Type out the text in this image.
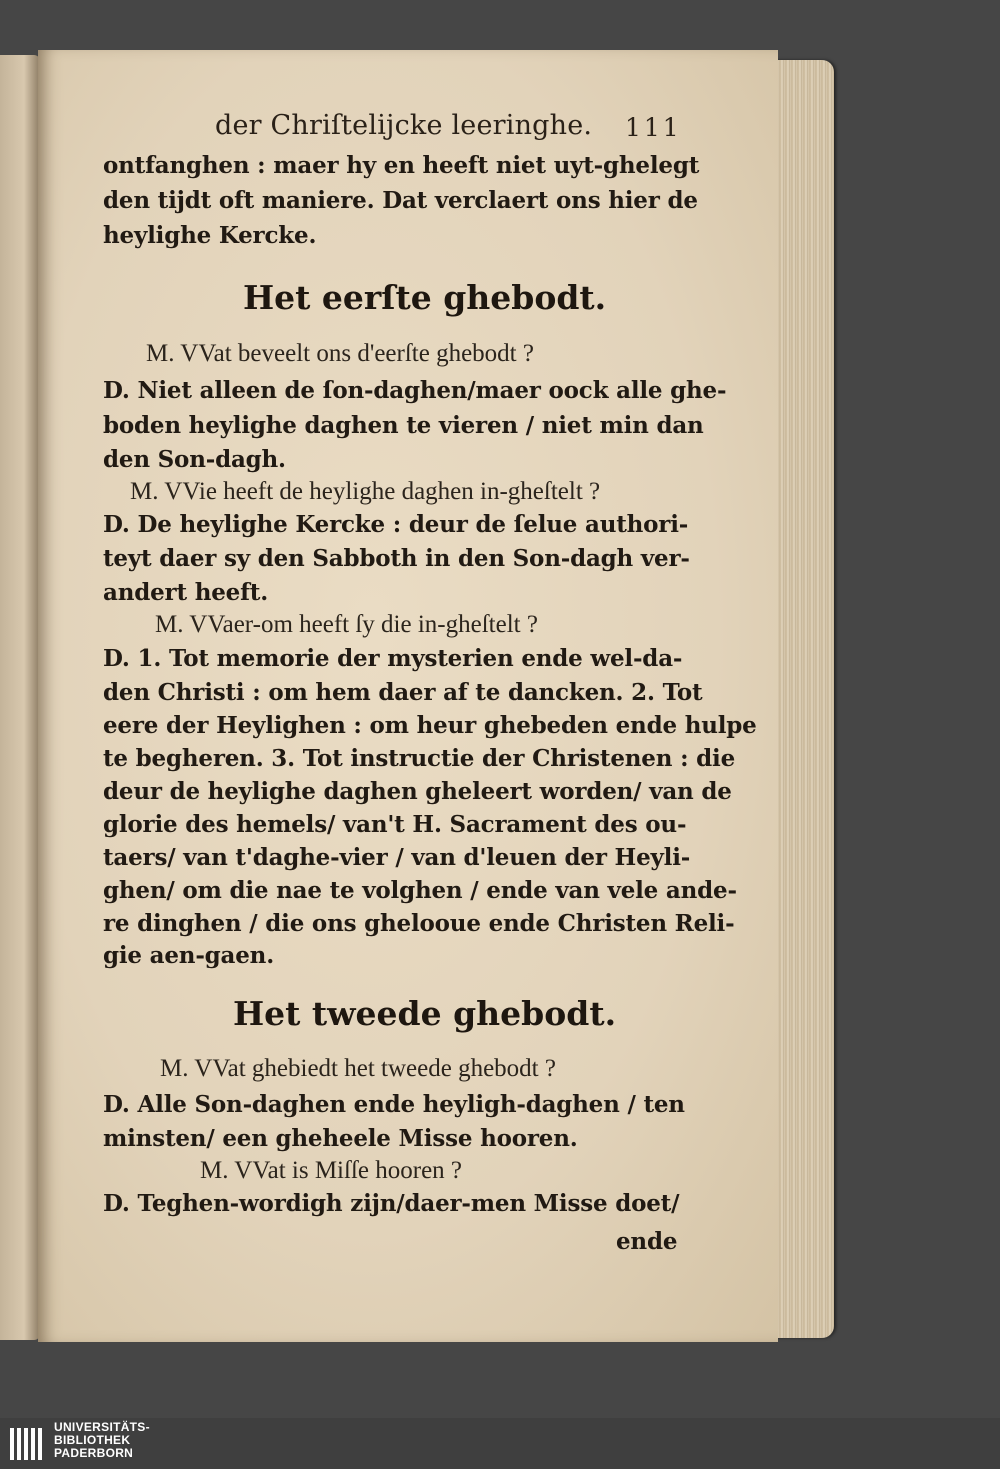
der Chriſtelijcke leeringhe. 111
ontfanghen : maer hy en heeft niet uyt-ghelegt
den tijdt oft maniere. Dat verclaert ons hier de
heylighe Kercke.
Het eerſte ghebodt.
M. VVat beveelt ons d'eerſte ghebodt ?
D. Niet alleen de ſon-daghen/maer oock alle ghe-
boden heylighe daghen te vieren / niet min dan
den Son-dagh.
M. VVie heeft de heylighe daghen in-gheſtelt ?
D. De heylighe Kercke : deur de ſelue authori-
teyt daer sy den Sabboth in den Son-dagh ver-
andert heeft.
M. VVaer-om heeft ſy die in-gheſtelt ?
D. 1. Tot memorie der mysterien ende wel-da-
den Christi : om hem daer af te dancken. 2. Tot
eere der Heylighen : om heur ghebeden ende hulpe
te begheren. 3. Tot instructie der Christenen : die
deur de heylighe daghen gheleert worden/ van de
glorie des hemels/ van't H. Sacrament des ou-
taers/ van t'daghe-vier / van d'leuen der Heyli-
ghen/ om die nae te volghen / ende van vele ande-
re dinghen / die ons ghelooue ende Christen Reli-
gie aen-gaen.
Het tweede ghebodt.
M. VVat ghebiedt het tweede ghebodt ?
D. Alle Son-daghen ende heyligh-daghen / ten
minsten/ een gheheele Misse hooren.
M. VVat is Miſſe hooren ?
D. Teghen-wordigh zijn/daer-men Misse doet/
ende
UNIVERSITÄTS-
BIBLIOTHEK
PADERBORN
